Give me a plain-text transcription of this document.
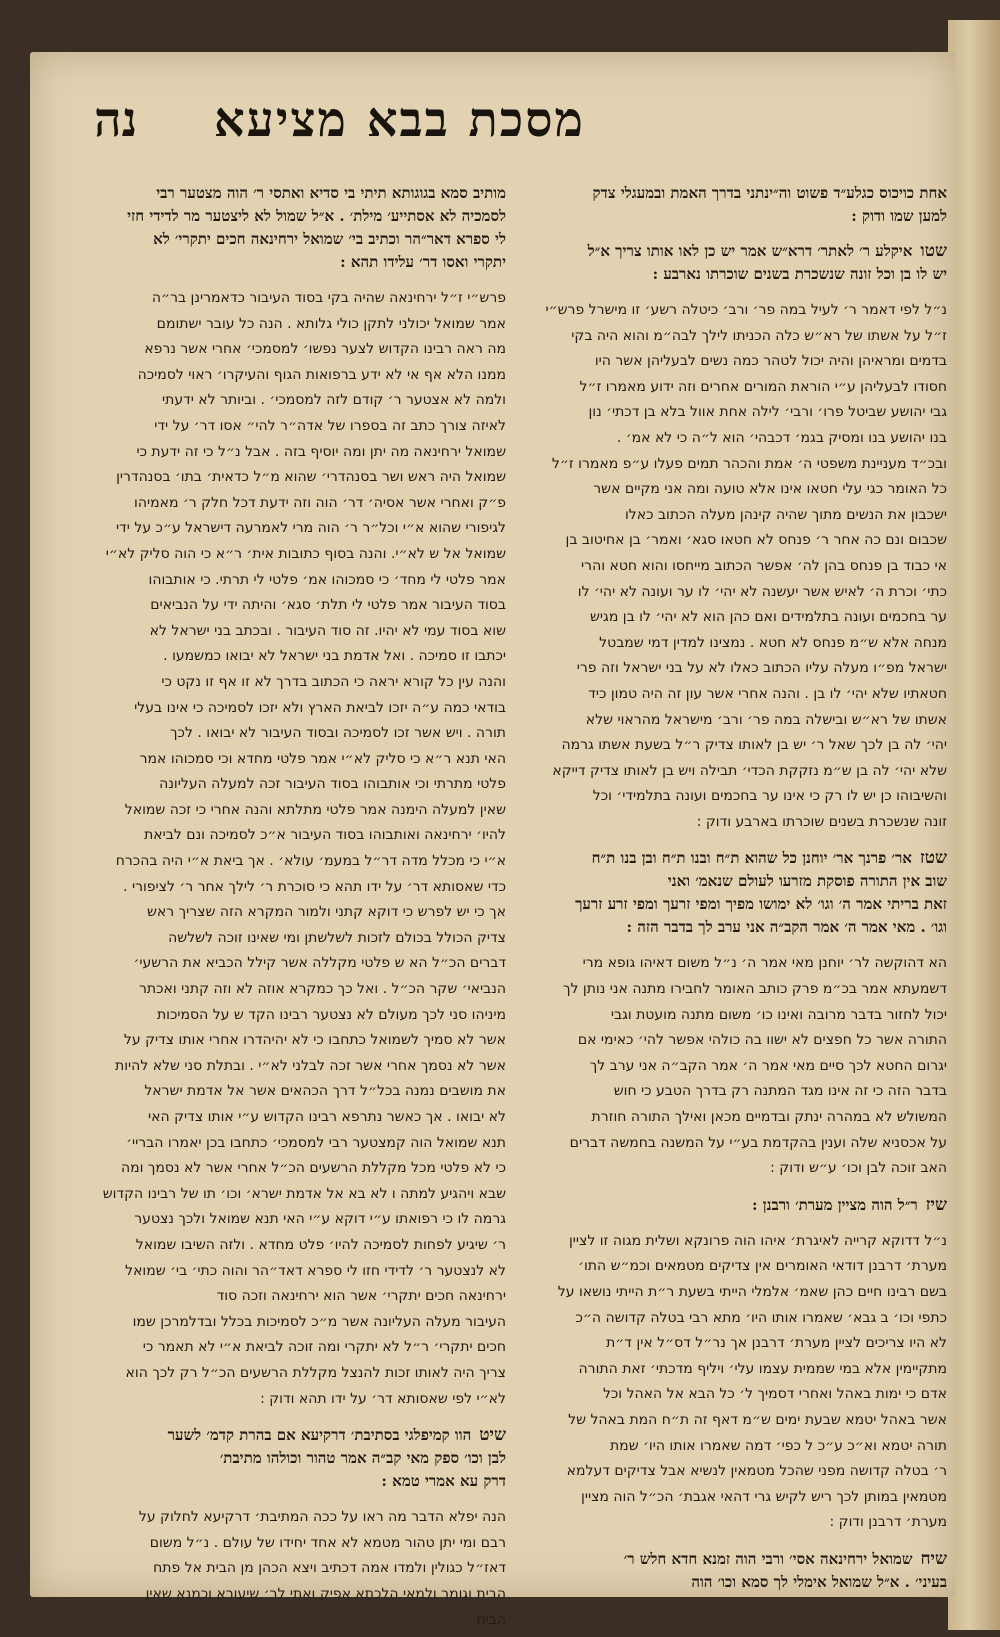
מסכת בבא מציעא
נה
אחת כויכוס כגלע״ד פשוט וה״ינתני בדרך האמת ובמעגלי צדק
למען שמו ודוק :
שטואיקלע ר׳ לאתר׳ דרא״ש אמר יש כן לאו אותו צריך א״ל
יש לו בן וכל זונה שנשכרת בשנים שוכרתו נארבע :
נ״ל לפי דאמר ר׳ לעיל במה פר׳ ורב׳ כיטלה רשע׳ זו מישרל פרש״י
ז״ל על אשתו של רא״ש כלה הכניתו לילך לבה״מ והוא היה בקי
בדמים ומראיהן והיה יכול לטהר כמה נשים לבעליהן אשר היו
חסודו לבעליהן ע״י הוראת המורים אחרים וזה ידוע מאמרו ז״ל
גבי יהושע שביטל פרו׳ ורבי׳ לילה אחת אוול בלא בן דכתי׳ נון
בנו יהושע בנו ומסיק בגמ׳ דכבהי׳ הוא ל״ה כי לא אמ׳ .
ובכ״ד מעניינת משפטי ה׳ אמת והכהר תמים פעלו ע״פ מאמרו ז״ל
כל האומר כגי עלי חטאו אינו אלא טועה ומה אני מקיים אשר
ישכבון את הנשים מתוך שהיה קינהן מעלה הכתוב כאלו
שכבום ונם כה אחר ר׳ פנחס לא חטאו סגא׳ ואמר׳ בן אחיטוב בן
אי כבוד בן פנחס בהן לה׳ אפשר הכתוב מייחסו והוא חטא והרי
כתי׳ וכרת ה׳ לאיש אשר יעשנה לא יהי׳ לו ער ועונה לא יהי׳ לו
ער בחכמים ועונה בתלמידים ואם כהן הוא לא יהי׳ לו בן מגיש
מנחה אלא ש״מ פנחס לא חטא . נמצינו למדין דמי שמבטל
ישראל מפ״ו מעלה עליו הכתוב כאלו לא על בני ישראל וזה פרי
חטאתיו שלא יהי׳ לו בן . והנה אחרי אשר עון זה היה טמון כיד
אשתו של רא״ש ובישלה במה פר׳ ורב׳ מישראל מהראוי שלא
יהי׳ לה בן לכך שאל ר׳ יש בן לאותו צדיק ר״ל בשעת אשתו גרמה
שלא יהי׳ לה בן ש״מ נזקקת הכדי׳ תבילה ויש בן לאותו צדיק דייקא
והשיבוהו כן יש לו רק כי אינו ער בחכמים ועונה בתלמידי׳ וכל
זונה שנשכרת בשנים שוכרתו בארבע ודוק :
שטזאר׳ פרנך אר׳ יוחנן כל שהוא ת״ח ובנו ת״ח ובן בנו ת״ח
שוב אין התורה פוסקת מזרעו לעולם שנאמ׳ ואני
זאת בריתי אמר ה׳ וגו׳ לא ימושו מפיך ומפי זרעך ומפי זרע זרעך
וגו׳ . מאי אמר ה׳ אמר הקב״ה אני ערב לך בדבר הזה :
הא דהוקשה לר׳ יוחנן מאי אמר ה׳ נ״ל משום דאיהו גופא מרי
דשמעתא אמר בכ״מ פרק כותב האומר לחבירו מתנה אני נותן לך
יכול לחזור בדבר מרובה ואינו כו׳ משום מתנה מועטת וגבי
התורה אשר כל חפצים לא ישוו בה כולהי אפשר להי׳ כאימי אם
יגרום החטא לכך סיים מאי אמר ה׳ אמר הקב״ה אני ערב לך
בדבר הזה כי זה אינו מגד המתנה רק בדרך הטבע כי חוש
המשולש לא במהרה ינתק ובדמיים מכאן ואילך התורה חוזרת
על אכסניא שלה וענין בהקדמת בע״י על המשנה בחמשה דברים
האב זוכה לבן וכו׳ ע״ש ודוק :
שיזר״ל הוה מציין מערת׳ ורבנן :
נ״ל דדוקא קרייה לאיגרת׳ איהו הוה פרונקא ושלית מגוה זו לציין
מערת׳ דרבנן דודאי האומרים אין צדיקים מטמאים וכמ״ש התו׳
בשם רבינו חיים כהן שאמ׳ אלמלי הייתי בשעת ר״ת הייתי נושאו על
כתפי וכו׳ ב גבא׳ שאמרו אותו היו׳ מתא רבי בטלה קדושה ה״כ
לא היו צריכים לציין מערת׳ דרבנן אך נר״ל דס״ל אין ד״ת
מתקיימין אלא במי שממית עצמו עלי׳ ויליף מדכתי׳ זאת התורה
אדם כי ימות באהל ואחרי דסמיך ל׳ כל הבא אל האהל וכל
אשר באהל יטמא שבעת ימים ש״מ דאף זה ת״ח המת באהל של
תורה יטמא וא״כ ע״כ ל כפי׳ דמה שאמרו אותו היו׳ שמת
ר׳ בטלה קדושה מפני שהכל מטמאין לנשיא אבל צדיקים דעלמא
מטמאין במותן לכך ריש לקיש גרי דהאי אגבת׳ הכ״ל הוה מציין
מערת׳ דרבנן ודוק :
שיחשמואל ירחינאה אסי׳ ורבי הוה זמנא חדא חלש ר׳
בעיני׳ . א״ל שמואל אימלי לך סמא וכו׳ הוה
מותיב סמא בגוגותא תיתי בי סדיא ואתסי ר׳ הוה מצטער רבי
לסמכיה לא אסתייע׳ מילת׳ . א״ל שמול לא ליצטער מר לדידי חזי
לי ספרא דאר״הר וכתיב בי׳ שמואל ירחינאה חכים יתקרי׳ לא
יתקרי ואסו דר׳ עלידו תהא :
פרש״י ז״ל ירחינאה שהיה בקי בסוד העיבור כדאמרינן בר״ה
אמר שמואל יכולני לתקן כולי גלותא . הנה כל עובר ישתומם
מה ראה רבינו הקדוש לצער נפשו׳ למסמכי׳ אחרי אשר נרפא
ממנו הלא אף אי לא ידע ברפואות הגוף והעיקרו׳ ראוי לסמיכה
ולמה לא אצטער ר׳ קודם לזה למסמכי׳ . וביותר לא ידעתי
לאיזה צורך כתב זה בספרו של אדה״ר להי״ אסו דר׳ על ידי
שמואל ירחינאה מה יתן ומה יוסיף בזה . אבל נ״ל כי זה ידעת כי
שמואל היה ראש ושר בסנהדרי׳ שהוא מ״ל כדאית׳ בתו׳ בסנהדרין
פ״ק ואחרי אשר אסיה׳ דר׳ הוה וזה ידעת דכל חלק ר׳ מאמיהו
לגיפורי שהוא א״י וכל״ר ר׳ הוה מרי לאמרעה דישראל ע״כ על ידי
שמואל אל ש לא״י. והנה בסוף כתובות אית׳ ר״א כי הוה סליק לא״י
אמר פלטי לי מחד׳ כי סמכוהו אמ׳ פלטי לי תרתי. כי אותבוהו
בסוד העיבור אמר פלטי לי תלת׳ סגא׳ והיתה ידי על הנביאים
שוא בסוד עמי לא יהיו. זה סוד העיבור . ובכתב בני ישראל לא
יכתבו זו סמיכה . ואל אדמת בני ישראל לא יבואו כמשמעו .
והנה עין כל קורא יראה כי הכתוב בדרך לא זו אף זו נקט כי
בודאי כמה ע״ה יזכו לביאת הארץ ולא יזכו לסמיכה כי אינו בעלי
תורה . ויש אשר זכו לסמיכה ובסוד העיבור לא יבואו . לכך
האי תנא ר״א כי סליק לא״י אמר פלטי מחדא וכי סמכוהו אמר
פלטי מתרתי וכי אותבוהו בסוד העיבור זכה למעלה העליונה
שאין למעלה הימנה אמר פלטי מתלתא והנה אחרי כי זכה שמואל
להיו׳ ירחינאה ואותבוהו בסוד העיבור א״כ לסמיכה ונם לביאת
א״י כי מכלל מדה דר״ל במעמ׳ עולא׳ . אך ביאת א״י היה בהכרח
כדי שאסותא דר׳ על ידו תהא כי סוכרת ר׳ לילך אחר ר׳ לציפורי .
אך כי יש לפרש כי דוקא קתני ולמור המקרא הזה שצריך ראש
צדיק הכולל בכולם לזכות לשלשתן ומי שאינו זוכה לשלשה
דברים הכ״ל הא ש פלטי מקללה אשר קילל הכביא את הרשעי׳
הנביאי׳ שקר הכ״ל . ואל כך כמקרא אוזה לא וזה קתני ואכתר
מיניהו סני לכך מעולם לא נצטער רבינו הקד ש על הסמיכות
אשר לא סמיך לשמואל כתחבו כי לא יהיהדרו אחרי אותו צדיק על
אשר לא נסמך אחרי אשר זכה לבלני לא״י . ובתלת סני שלא להיות
את מושבים נמנה בכל״ל דרך הכהאים אשר אל אדמת ישראל
לא יבואו . אך כאשר נתרפא רבינו הקדוש ע״י אותו צדיק האי
תנא שמואל הוה קמצטער רבי למסמכי׳ כתחבו בכן יאמרו הבריי׳
כי לא פלטי מכל מקללת הרשעים הכ״ל אחרי אשר לא נסמך ומה
שבא ויהגיע למתה ו לא בא אל אדמת ישרא׳ וכו׳ תו של רבינו הקדוש
גרמה לו כי רפואתו ע״י דוקא ע״י האי תנא שמואל ולכך נצטער
ר׳ שיגיע לפחות לסמיכה להיו׳ פלט מחדא . ולזה השיבו שמואל
לא לנצטער ר׳ לדידי חזו לי ספרא דאד״הר והוה כתי׳ בי׳ שמואל
ירחינאה חכים יתקרי׳ אשר הוא ירחינאה וזכה סוד
העיבור מעלה העליונה אשר מ״כ לסמיכות בכלל ובדלמרכן שמו
חכים יתקרי׳ ר״ל לא יתקרי ומה זוכה לביאת א״י לא תאמר כי
צריך היה לאותו זכות להנצל מקללת הרשעים הכ״ל רק לכך הוא
לא״י לפי שאסותא דר׳ על ידו תהא ודוק :
שיטהוו קמיפלגי בסתיבת׳ דרקיעא אם בהרת קדמ׳ לשער
לבן וכו׳ ספק מאי קב״ה אמר טהור וכולהו מתיבת׳
דרק עא אמרי טמא :
הנה יפלא הדבר מה ראו על ככה המתיבת׳ דרקיעא לחלוק על
רבם ומי יתן טהור מטמא לא אחד יחידו של עולם . נ״ל משום
דאז״ל כגולין ולמדו אמה דכתיב ויצא הכהן מן הבית אל פתח
הבית וגומר ולמאי הלכתא אפיק ואתי לר׳ שיעורא וכמנא שאין
הבית
